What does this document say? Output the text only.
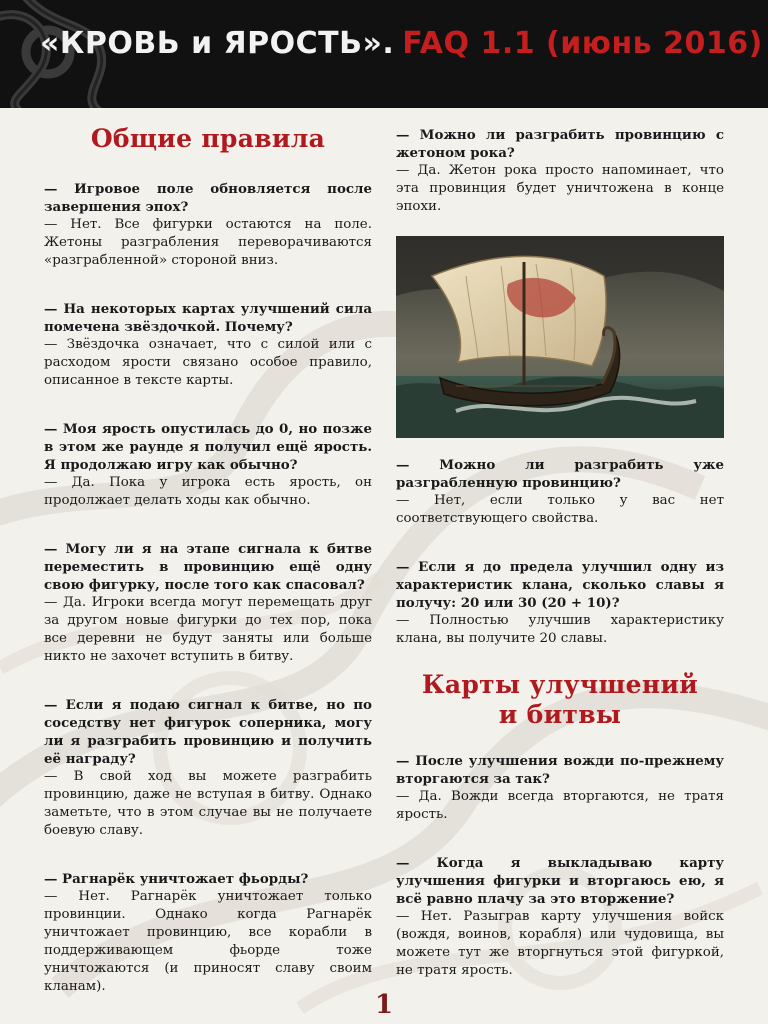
«КРОВЬ и ЯРОСТЬ». FAQ 1.1 (июнь 2016)
Общие правила

— Игровое поле обновляется после завершения эпох?

— Нет. Все фигурки остаются на поле. Жетоны разграбления переворачиваются «разграбленной» стороной вниз.

— На некоторых картах улучшений сила помечена звёздочкой. Почему?

— Звёздочка означает, что с силой или с расходом ярости связано особое правило, описанное в тексте карты.

— Моя ярость опустилась до 0, но позже в этом же раунде я получил ещё ярость. Я продолжаю игру как обычно?

— Да. Пока у игрока есть ярость, он продолжает делать ходы как обычно.

— Могу ли я на этапе сигнала к битве переместить в провинцию ещё одну свою фигурку, после того как спасовал?

— Да. Игроки всегда могут перемещать друг за другом новые фигурки до тех пор, пока все деревни не будут заняты или больше никто не захочет вступить в битву.

— Если я подаю сигнал к битве, но по соседству нет фигурок соперника, могу ли я разграбить провинцию и получить её награду?

— В свой ход вы можете разграбить провинцию, даже не вступая в битву. Однако заметьте, что в этом случае вы не получаете боевую славу.

— Рагнарёк уничтожает фьорды?

— Нет. Рагнарёк уничтожает только провинции. Однако когда Рагнарёк уничтожает провинцию, все корабли в поддерживающем фьорде тоже уничтожаются (и приносят славу своим кланам).

— Можно ли разграбить провинцию с жетоном рока?

— Да. Жетон рока просто напоминает, что эта провинция будет уничтожена в конце эпохи.

— Можно ли разграбить уже разграбленную провинцию?

— Нет, если только у вас нет соответствующего свойства.

— Если я до предела улучшил одну из характеристик клана, сколько славы я получу: 20 или 30 (20 + 10)?

— Полностью улучшив характеристику клана, вы получите 20 славы.

Карты улучшений
и битвы

— После улучшения вожди по-прежнему вторгаются за так?

— Да. Вожди всегда вторгаются, не тратя ярость.

— Когда я выкладываю карту улучшения фигурки и вторгаюсь ею, я всё равно плачу за это вторжение?

— Нет. Разыграв карту улучшения войск (вождя, воинов, корабля) или чудовища, вы можете тут же вторгнуться этой фигуркой, не тратя ярость.

1
